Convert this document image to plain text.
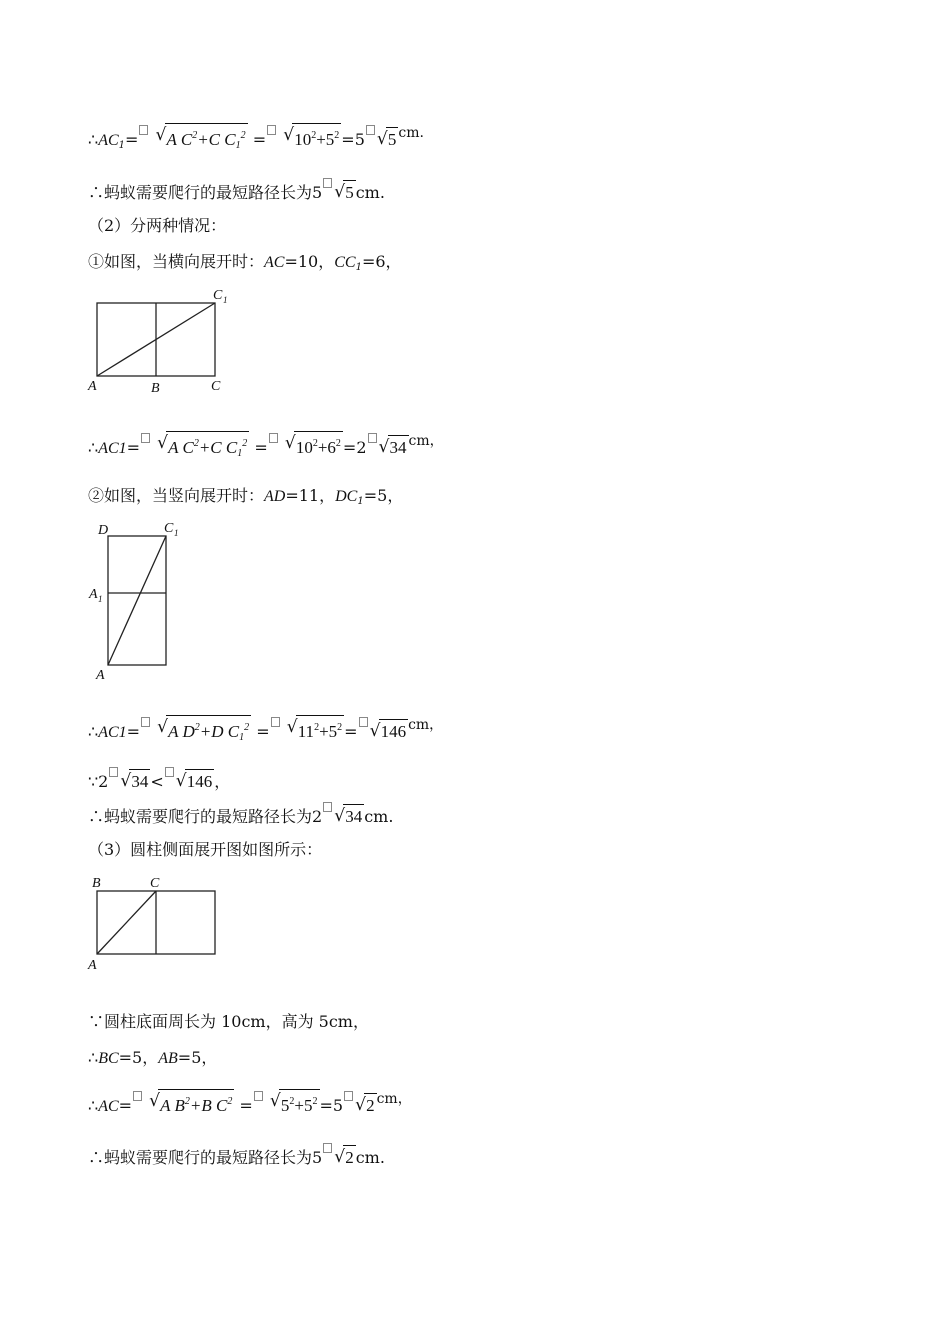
$\therefore AC_1=$ √ A $C^2+C$ $C_1^2$ = √ $10^2+5^2 =5$ √ 5 cm.
∴蚂蚁需要爬行的最短路径长为5 √ 5 cm.
（2）分两种情况：
①如图，当横向展开时：AC=10，$CC_1=6$，
A	B	C
C 1
∴AC1= √ A $C^2+C$ $C_1^2$ = √ $10^2+6^2 =2$ √ 34 cm，
②如图，当竖向展开时：AD=11，$DC_1=5$，
D	C 1
A 1
A
∴AC1= √ A $D^2+D$ $C_1^2$ = √ $11^2+5^2$ = √ 146 cm，
∵2 √ 34 < √ 146 ，
∴蚂蚁需要爬行的最短路径长为2 √ 34 cm.
（3）圆柱侧面展开图如图所示：
B	C
A
∵圆柱底面周长为 10cm，高为 5cm，
∴BC=5，AB=5，
∴AC= √ A $B^2+B$ $C^2$ = √ $5^2+5^2 =5$ √ 2 cm，
∴蚂蚁需要爬行的最短路径长为5 √ 2 cm.
